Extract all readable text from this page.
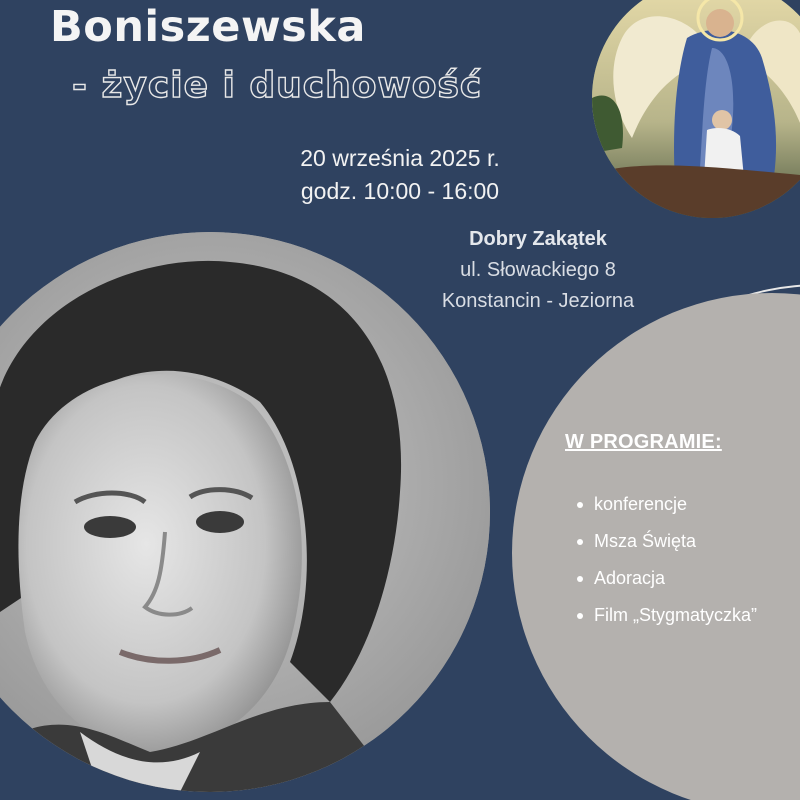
Boniszewska
- życie i duchowość
20 września 2025 r.
godz. 10:00 - 16:00
Dobry Zakątek
ul. Słowackiego 8
Konstancin - Jeziorna
W PROGRAMIE:
konferencje
Msza Święta
Adoracja
Film „Stygmatyczka”
